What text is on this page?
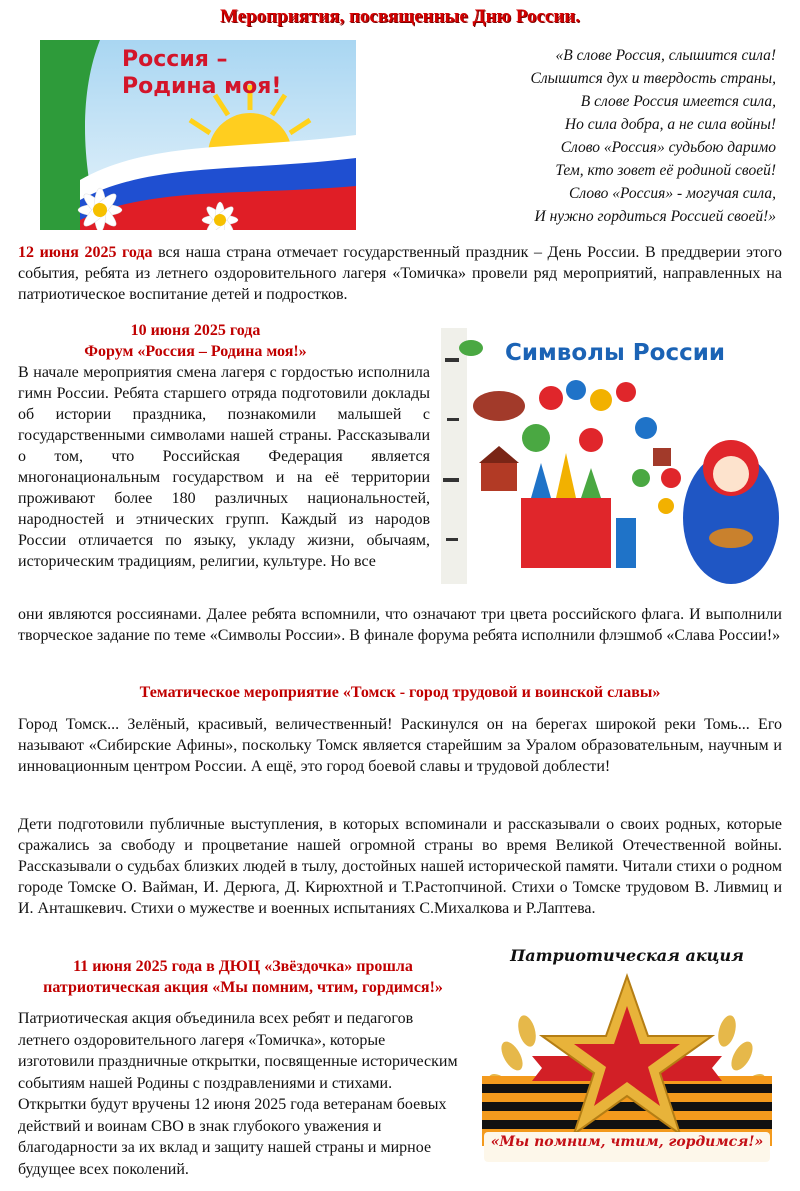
Мероприятия, посвященные Дню России.
Россия – Родина моя!
«В слове Россия, слышится сила!
Слышится дух и твердость страны,
В слове Россия имеется сила,
Но сила добра, а не сила войны!
Слово «Россия» судьбою даримо
Тем, кто зовет её родиной своей!
Слово «Россия» - могучая сила,
И нужно гордиться Россией своей!»

12 июня 2025 года вся наша страна отмечает государственный праздник – День России. В преддверии этого события, ребята из летнего оздоровительного лагеря «Томичка» провели ряд мероприятий, направленных на патриотическое воспитание детей и подростков.

10 июня 2025 года
Форум «Россия – Родина моя!»

В начале мероприятия смена лагеря с гордостью исполнила гимн России. Ребята старшего отряда подготовили доклады об истории праздника, познакомили малышей с государственными символами нашей страны. Рассказывали о том, что Российская Федерация является многонациональным государством и на её территории проживают более 180 различных национальностей, народностей и этнических групп. Каждый из народов России отличается по языку, укладу жизни, обычаям, историческим традициям, религии, культуре. Но все

Символы России

они являются россиянами. Далее ребята вспомнили, что означают три цвета российского флага. И выполнили творческое задание по теме «Символы России». В финале форума ребята исполнили флэшмоб «Слава России!»

Тематическое мероприятие «Томск - город трудовой и воинской славы»

Город Томск... Зелёный, красивый, величественный! Раскинулся он на берегах широкой реки Томь... Его называют «Сибирские Афины», поскольку Томск является старейшим за Уралом образовательным, научным и инновационным центром России. А ещё, это город боевой славы и трудовой доблести!

Дети подготовили публичные выступления, в которых вспоминали и рассказывали о своих родных, которые сражались за свободу и процветание нашей огромной страны во время Великой Отечественной войны. Рассказывали о судьбах близких людей в тылу, достойных нашей исторической памяти. Читали стихи о родном городе Томске О. Вайман, И. Дерюга, Д. Кирюхтной и Т.Растопчиной. Стихи о Томске трудовом В. Ливмиц и И. Анташкевич. Стихи о мужестве и военных испытаниях С.Михалкова и Р.Лаптева.

11 июня 2025 года в ДЮЦ «Звёздочка» прошла
патриотическая акция «Мы помним, чтим, гордимся!»

Патриотическая акция объединила всех ребят и педагогов летнего оздоровительного лагеря «Томичка», которые изготовили праздничные открытки, посвященные историческим событиям нашей Родины с поздравлениями и стихами. Открытки будут вручены 12 июня 2025 года ветеранам боевых действий и воинам СВО в знак глубокого уважения и благодарности за их вклад и защиту нашей страны и мирное будущее всех поколений.

Патриотическая акция
«Мы помним, чтим, гордимся!»
